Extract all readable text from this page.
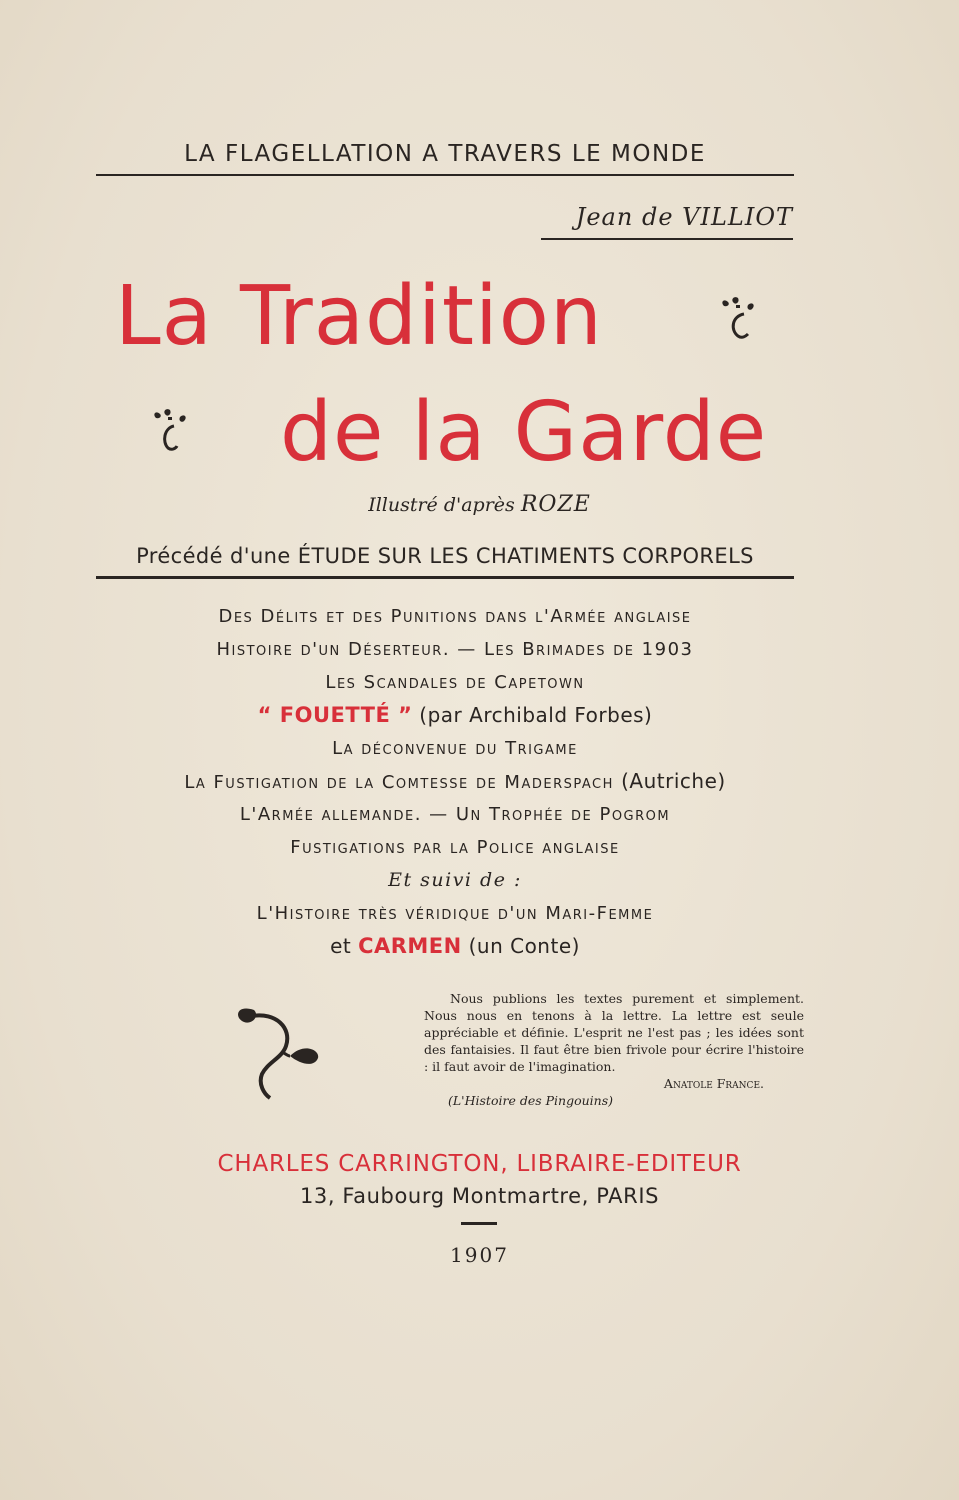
LA FLAGELLATION A TRAVERS LE MONDE
Jean de VILLIOT
La Tradition
de la Garde
Illustré d'après ROZE
Précédé d'une ÉTUDE SUR LES CHATIMENTS CORPORELS
Des Délits et des Punitions dans l'Armée anglaise
Histoire d'un Déserteur. — Les Brimades de 1903
Les Scandales de Capetown
“ FOUETTÉ ” (par Archibald Forbes)
La déconvenue du Trigame
La Fustigation de la Comtesse de Maderspach (Autriche)
L'Armée allemande. — Un Trophée de Pogrom
Fustigations par la Police anglaise
Et suivi de :
L'Histoire très véridique d'un Mari-Femme
et CARMEN (un Conte)
Nous publions les textes purement et simplement. Nous nous en tenons à la lettre. La lettre est seule appréciable et définie. L'esprit ne l'est pas ; les idées sont des fantaisies. Il faut être bien frivole pour écrire l'histoire : il faut avoir de l'imagination.
Anatole France.
(L'Histoire des Pingouins)
CHARLES CARRINGTON, LIBRAIRE-EDITEUR
13, Faubourg Montmartre, PARIS
1907
